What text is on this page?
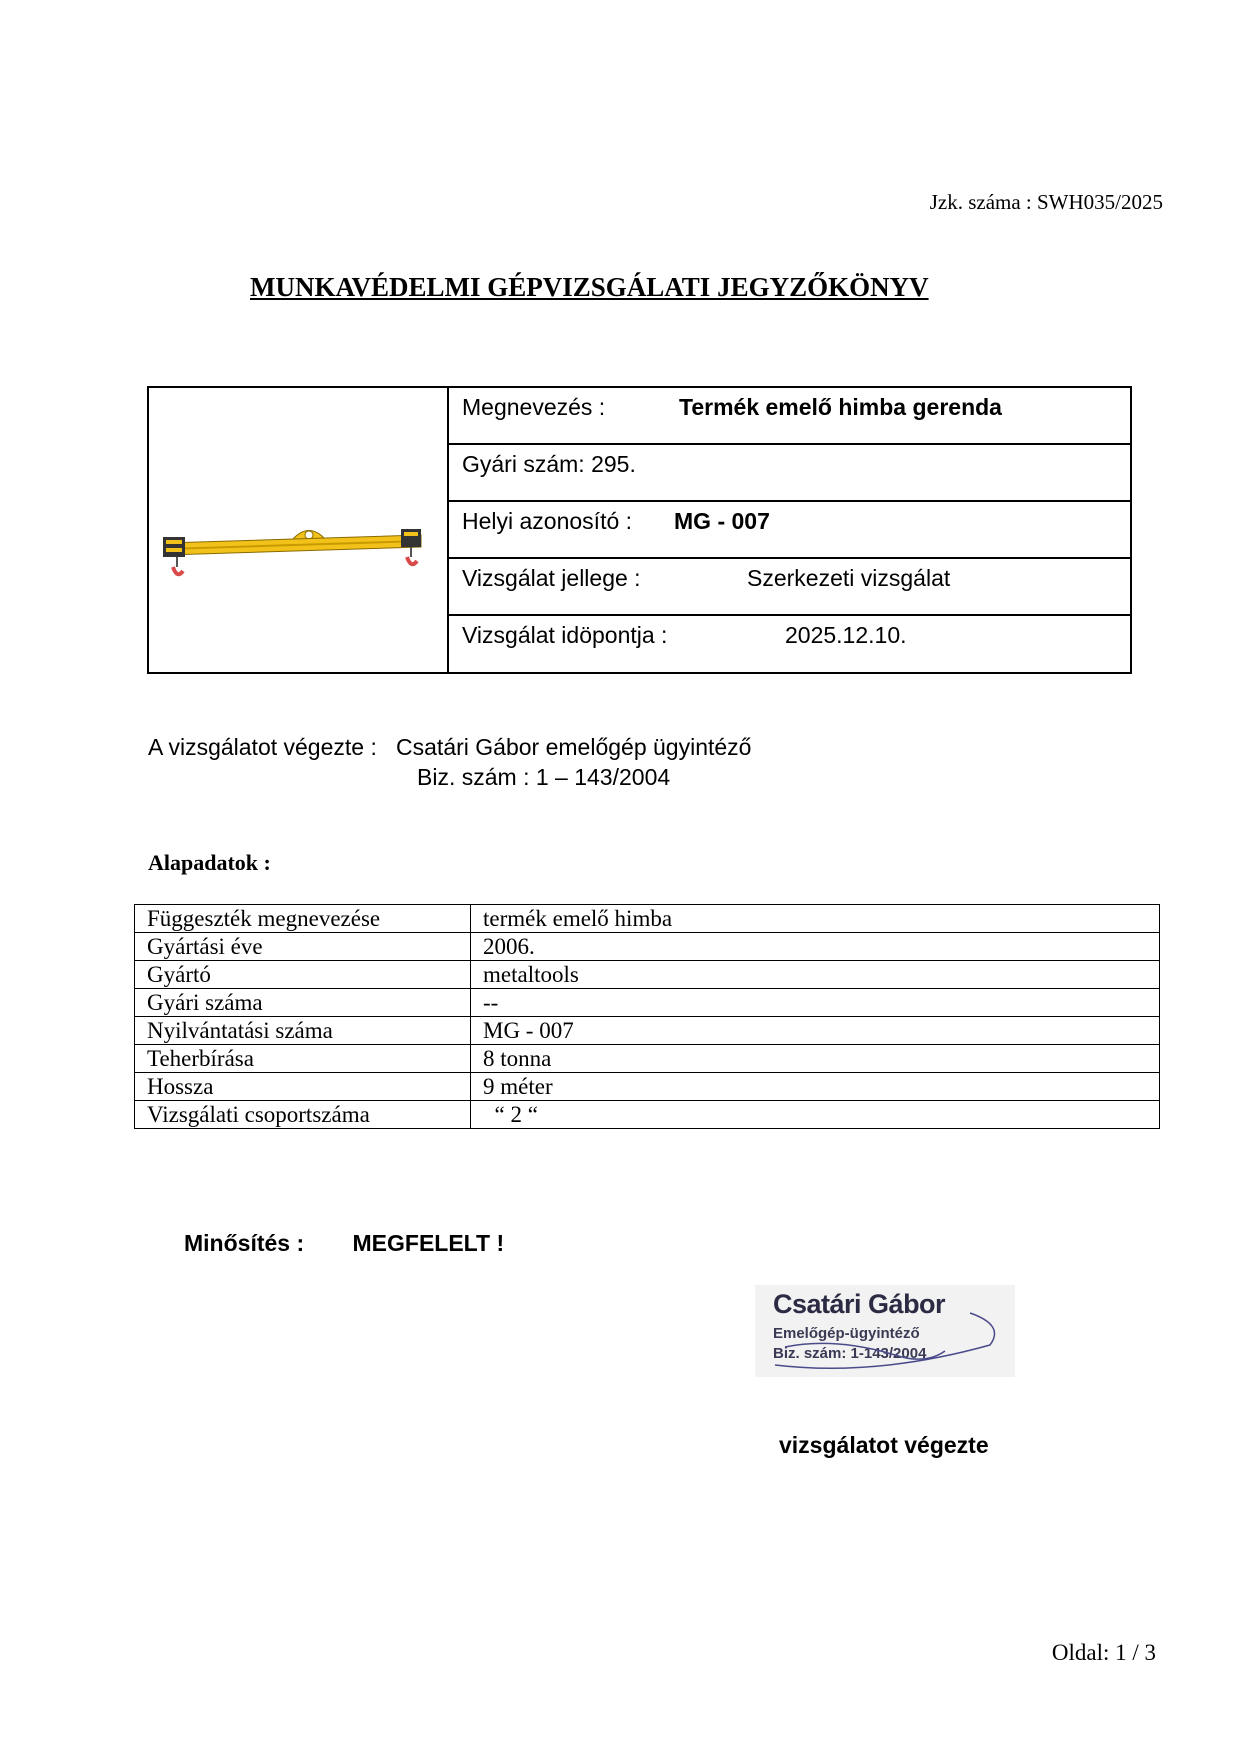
Jzk. száma : SWH035/2025
MUNKAVÉDELMI GÉPVIZSGÁLATI JEGYZŐKÖNYV
Megnevezés :	Termék emelő himba gerenda
Gyári szám: 295.
Helyi azonosító : MG - 007
Vizsgálat jellege :	Szerkezeti vizsgálat
Vizsgálat idöpontja :	2025.12.10.
A vizsgálatot végezte : Csatári Gábor emelőgép ügyintéző
Biz. szám : 1 – 143/2004
Alapadatok :
Függeszték megnevezése	termék emelő himba
Gyártási éve	2006.
Gyártó	metaltools
Gyári száma	--
Nyilvántatási száma	MG - 007
Teherbírása	8 tonna
Hossza	9 méter
Vizsgálati csoportszáma	“ 2 “
Minősítés : MEGFELELT !
Csatári Gábor
Emelőgép-ügyintéző
Biz. szám: 1-143/2004
vizsgálatot végezte
Oldal: 1 / 3
